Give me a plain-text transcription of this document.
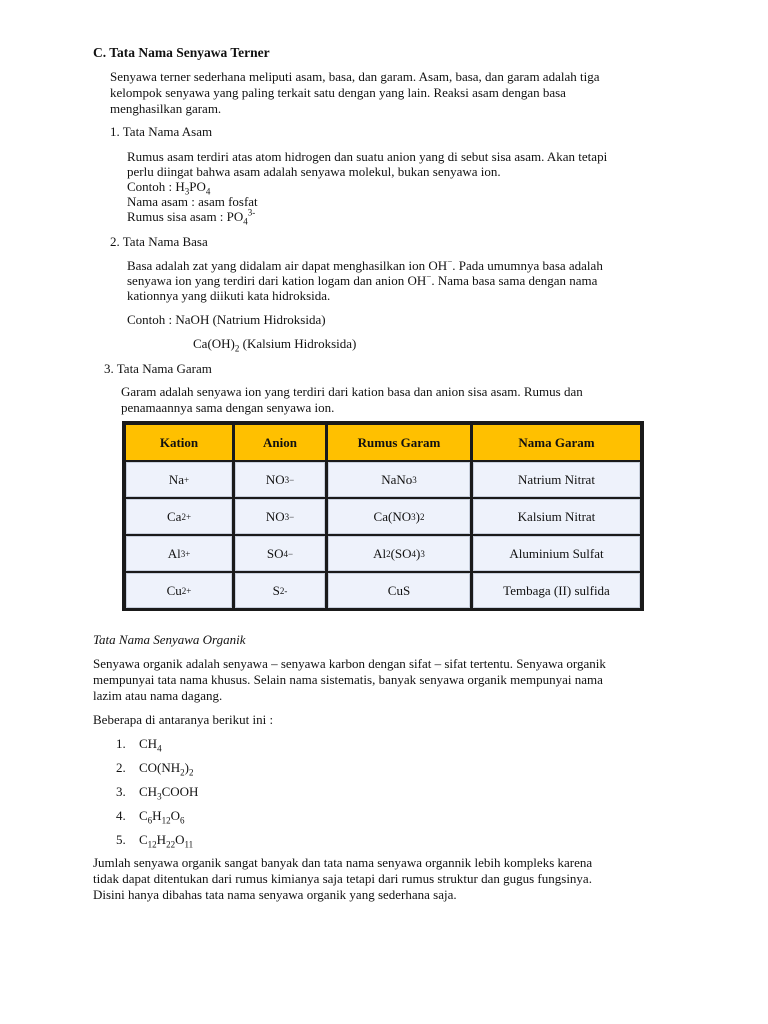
C. Tata Nama Senyawa Terner

Senyawa terner sederhana meliputi asam, basa, dan garam. Asam, basa, dan garam adalah tiga

kelompok senyawa yang paling terkait satu dengan yang lain. Reaksi asam dengan basa

menghasilkan garam.

1. Tata Nama Asam

Rumus asam terdiri atas atom hidrogen dan suatu anion yang di sebut sisa asam. Akan tetapi

perlu diingat bahwa asam adalah senyawa molekul, bukan senyawa ion.

Contoh : $H_3PO_4$

Nama asam : asam fosfat

Rumus sisa asam : $PO_4^{3-}$

2. Tata Nama Basa

Basa adalah zat yang didalam air dapat menghasilkan ion OH−. Pada umumnya basa adalah

senyawa ion yang terdiri dari kation logam dan anion OH−. Nama basa sama dengan nama

kationnya yang diikuti kata hidroksida.

Contoh : NaOH (Natrium Hidroksida)

$Ca(OH)_2$ (Kalsium Hidroksida)

3. Tata Nama Garam

Garam adalah senyawa ion yang terdiri dari kation basa dan anion sisa asam. Rumus dan

penamaannya sama dengan senyawa ion.

Kation	Anion	Rumus Garam	Nama Garam
Na +	NO 3 −	NaNo 3	Natrium Nitrat
Ca 2+	NO 3 −	Ca(NO 3 ) 2	Kalsium Nitrat
Al 3+	SO 4 −	Al 2 (SO 4 ) 3	Aluminium Sulfat
Cu 2+	S 2-	CuS	Tembaga (II) sulfida

Tata Nama Senyawa Organik

Senyawa organik adalah senyawa – senyawa karbon dengan sifat – sifat tertentu. Senyawa organik

mempunyai tata nama khusus. Selain nama sistematis, banyak senyawa organik mempunyai nama

lazim atau nama dagang.

Beberapa di antaranya berikut ini :

1. $CH_4$
2. $CO(NH_2)_2$
3. $CH_3COOH$
4. $C_6H_{12}O_6$
5. $C_{12}H_{22}O_{11}$

Jumlah senyawa organik sangat banyak dan tata nama senyawa organnik lebih kompleks karena

tidak dapat ditentukan dari rumus kimianya saja tetapi dari rumus struktur dan gugus fungsinya.

Disini hanya dibahas tata nama senyawa organik yang sederhana saja.
